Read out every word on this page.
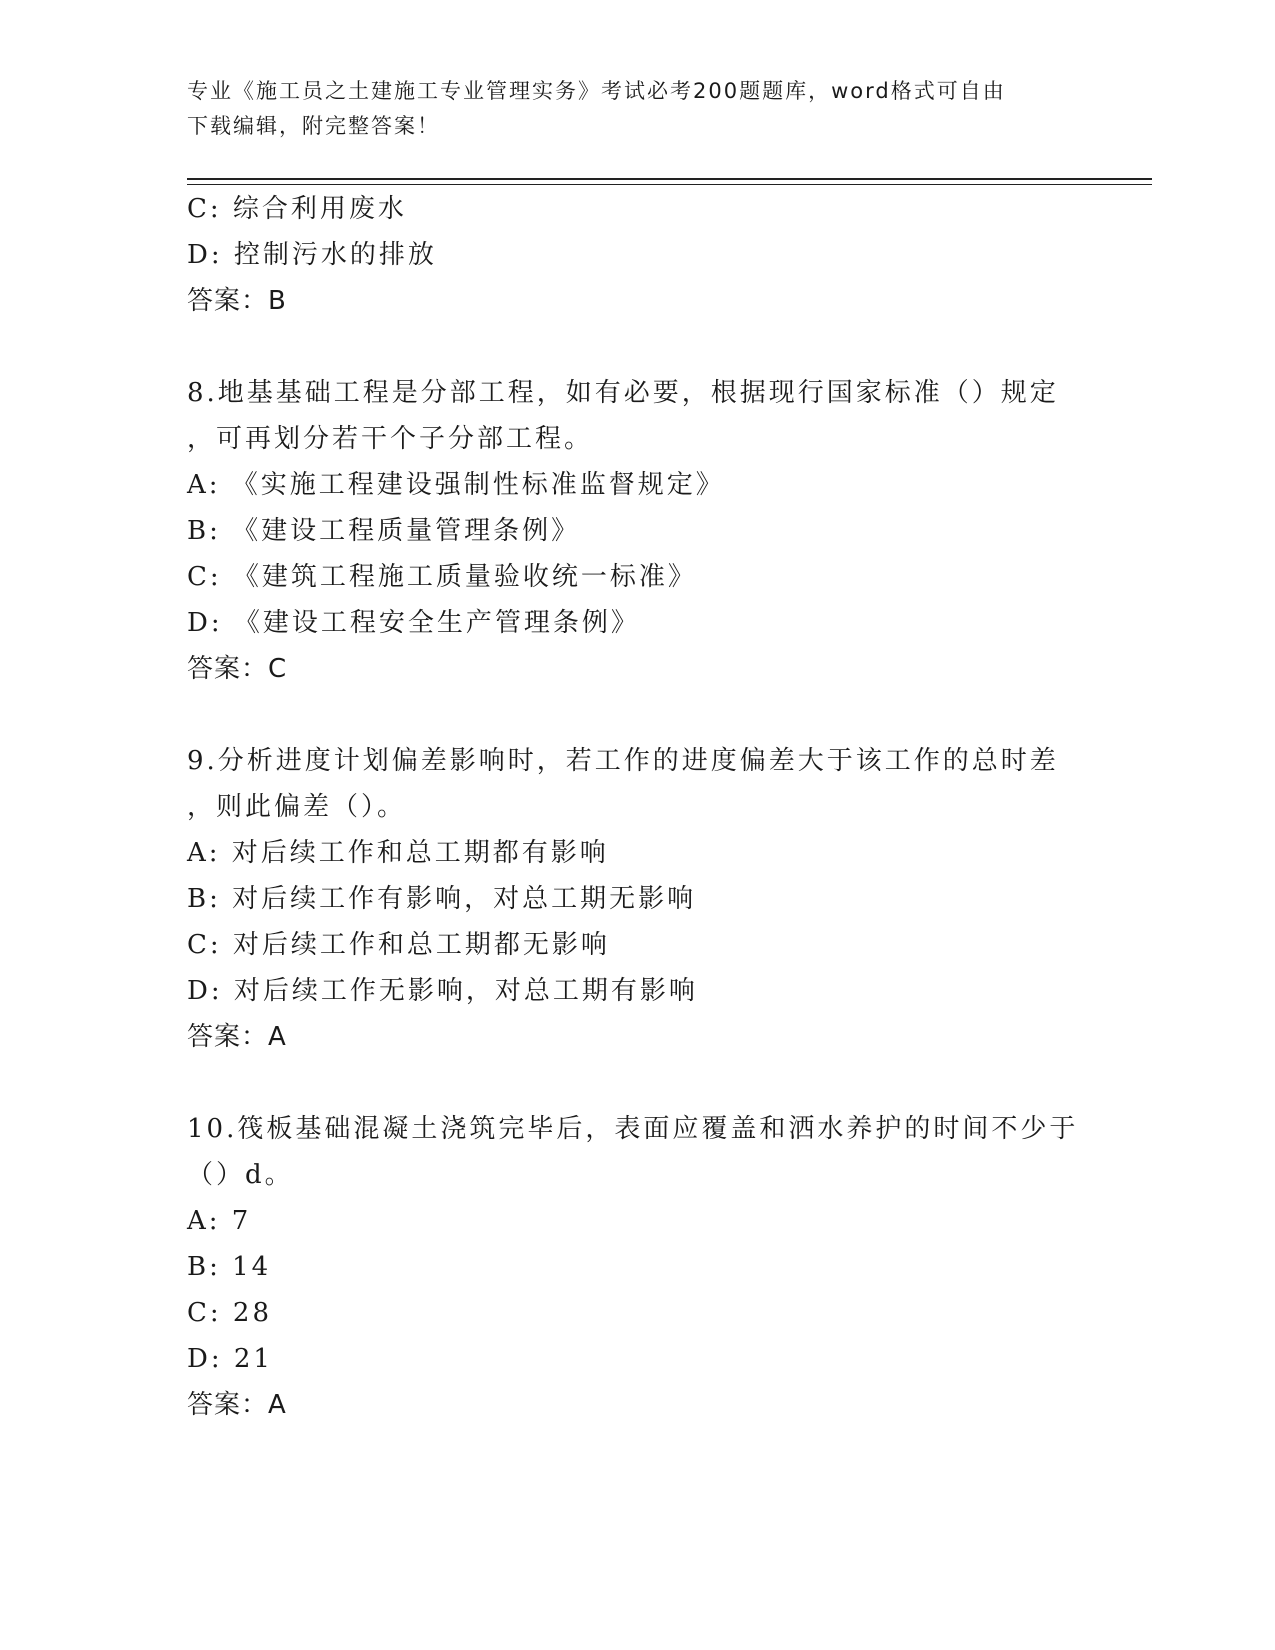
专业《施工员之土建施工专业管理实务》考试必考200题题库，word格式可自由
下载编辑，附完整答案！
C: 综合利用废水
D: 控制污水的排放
答案：B
8.地基基础工程是分部工程，如有必要，根据现行国家标准（）规定
，可再划分若干个子分部工程。
A: 《实施工程建设强制性标准监督规定》
B: 《建设工程质量管理条例》
C: 《建筑工程施工质量验收统一标准》
D: 《建设工程安全生产管理条例》
答案：C
9.分析进度计划偏差影响时，若工作的进度偏差大于该工作的总时差
，则此偏差（）。
A: 对后续工作和总工期都有影响
B: 对后续工作有影响，对总工期无影响
C: 对后续工作和总工期都无影响
D: 对后续工作无影响，对总工期有影响
答案：A
10.筏板基础混凝土浇筑完毕后，表面应覆盖和洒水养护的时间不少于
（）d。
A: 7
B: 14
C: 28
D: 21
答案：A
